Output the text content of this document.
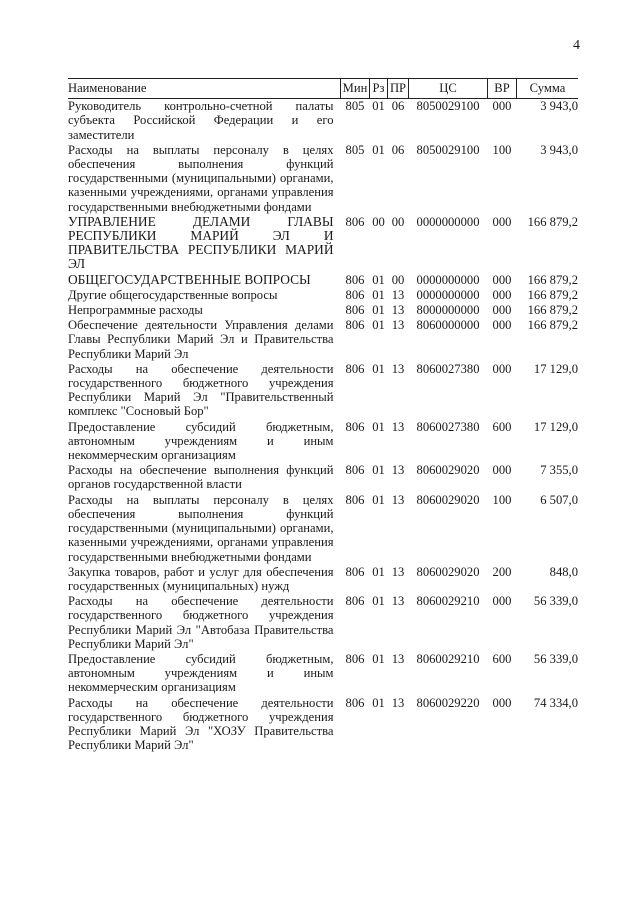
4
Наименование	Мин	Рз	ПР	ЦС	ВР	Сумма
Руководитель контрольно-счетной палаты субъекта Российской Федерации и его заместители	805	01	06	8050029100	000	3 943,0
Расходы на выплаты персоналу в целях обеспечения выполнения функций государственными (муниципальными) органами, казенными учреждениями, органами управления государственными внебюджетными фондами	805	01	06	8050029100	100	3 943,0
УПРАВЛЕНИЕ ДЕЛАМИ ГЛАВЫ РЕСПУБЛИКИ МАРИЙ ЭЛ И ПРАВИТЕЛЬСТВА РЕСПУБЛИКИ МАРИЙ ЭЛ	806	00	00	0000000000	000	166 879,2
ОБЩЕГОСУДАРСТВЕННЫЕ ВОПРОСЫ	806	01	00	0000000000	000	166 879,2
Другие общегосударственные вопросы	806	01	13	0000000000	000	166 879,2
Непрограммные расходы	806	01	13	8000000000	000	166 879,2
Обеспечение деятельности Управления делами Главы Республики Марий Эл и Правительства Республики Марий Эл	806	01	13	8060000000	000	166 879,2
Расходы на обеспечение деятельности государственного бюджетного учреждения Республики Марий Эл "Правительственный комплекс "Сосновый Бор"	806	01	13	8060027380	000	17 129,0
Предоставление субсидий бюджетным, автономным учреждениям и иным некоммерческим организациям	806	01	13	8060027380	600	17 129,0
Расходы на обеспечение выполнения функций органов государственной власти	806	01	13	8060029020	000	7 355,0
Расходы на выплаты персоналу в целях обеспечения выполнения функций государственными (муниципальными) органами, казенными учреждениями, органами управления государственными внебюджетными фондами	806	01	13	8060029020	100	6 507,0
Закупка товаров, работ и услуг для обеспечения государственных (муниципальных) нужд	806	01	13	8060029020	200	848,0
Расходы на обеспечение деятельности государственного бюджетного учреждения Республики Марий Эл "Автобаза Правительства Республики Марий Эл"	806	01	13	8060029210	000	56 339,0
Предоставление субсидий бюджетным, автономным учреждениям и иным некоммерческим организациям	806	01	13	8060029210	600	56 339,0
Расходы на обеспечение деятельности государственного бюджетного учреждения Республики Марий Эл "ХОЗУ Правительства Республики Марий Эл"	806	01	13	8060029220	000	74 334,0
